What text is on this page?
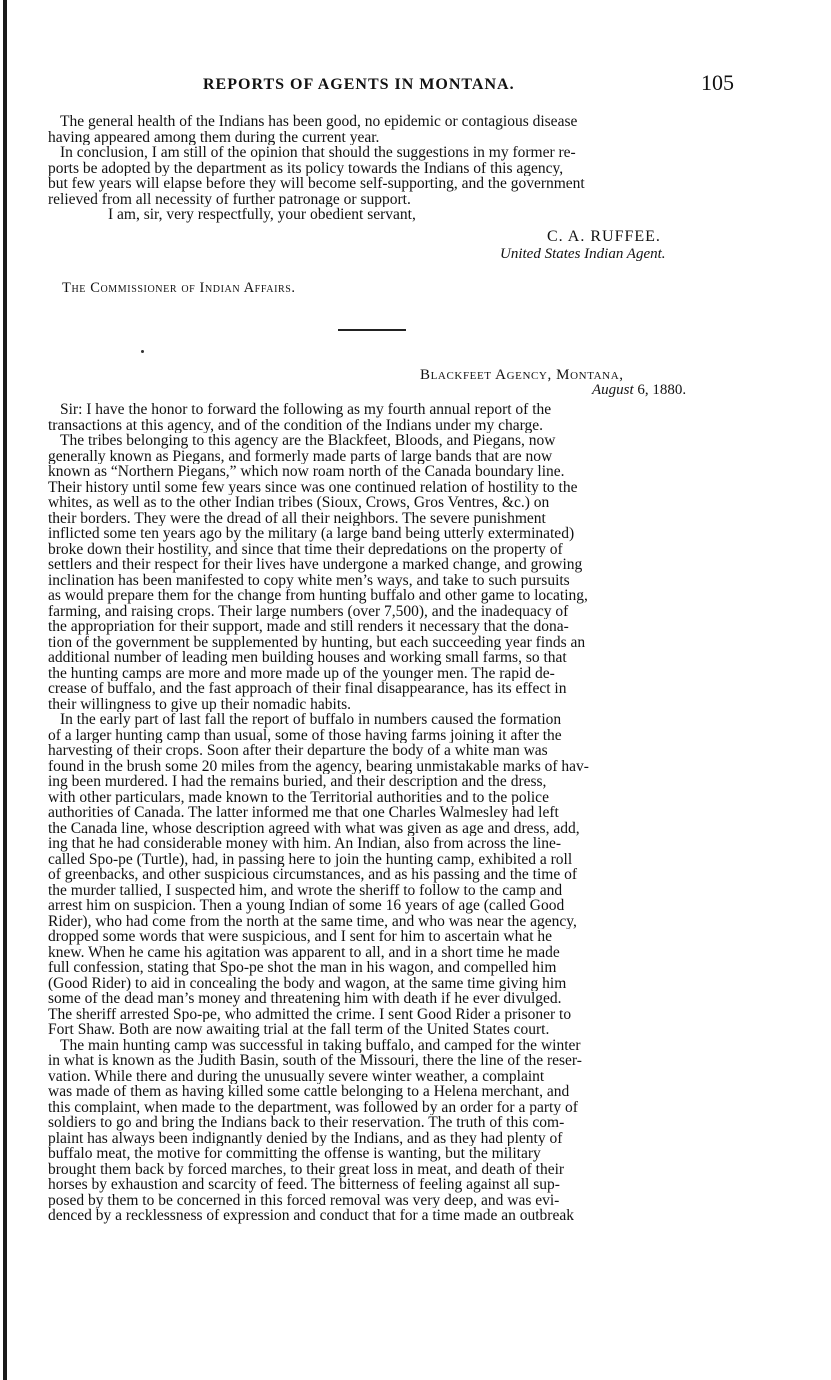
REPORTS OF AGENTS IN MONTANA.	105
The general health of the Indians has been good, no epidemic or contagious disease
having appeared among them during the current year.
In conclusion, I am still of the opinion that should the suggestions in my former re-
ports be adopted by the department as its policy towards the Indians of this agency,
but few years will elapse before they will become self-supporting, and the government
relieved from all necessity of further patronage or support.
I am, sir, very respectfully, your obedient servant,
C. A. RUFFEE.
United States Indian Agent.
The Commissioner of Indian Affairs.
Blackfeet Agency, Montana,
August 6, 1880.
Sir: I have the honor to forward the following as my fourth annual report of the
transactions at this agency, and of the condition of the Indians under my charge.
The tribes belonging to this agency are the Blackfeet, Bloods, and Piegans, now
generally known as Piegans, and formerly made parts of large bands that are now
known as “Northern Piegans,” which now roam north of the Canada boundary line.
Their history until some few years since was one continued relation of hostility to the
whites, as well as to the other Indian tribes (Sioux, Crows, Gros Ventres, &c.) on
their borders. They were the dread of all their neighbors. The severe punishment
inflicted some ten years ago by the military (a large band being utterly exterminated)
broke down their hostility, and since that time their depredations on the property of
settlers and their respect for their lives have undergone a marked change, and growing
inclination has been manifested to copy white men’s ways, and take to such pursuits
as would prepare them for the change from hunting buffalo and other game to locating,
farming, and raising crops. Their large numbers (over 7,500), and the inadequacy of
the appropriation for their support, made and still renders it necessary that the dona-
tion of the government be supplemented by hunting, but each succeeding year finds an
additional number of leading men building houses and working small farms, so that
the hunting camps are more and more made up of the younger men. The rapid de-
crease of buffalo, and the fast approach of their final disappearance, has its effect in
their willingness to give up their nomadic habits.
In the early part of last fall the report of buffalo in numbers caused the formation
of a larger hunting camp than usual, some of those having farms joining it after the
harvesting of their crops. Soon after their departure the body of a white man was
found in the brush some 20 miles from the agency, bearing unmistakable marks of hav-
ing been murdered. I had the remains buried, and their description and the dress,
with other particulars, made known to the Territorial authorities and to the police
authorities of Canada. The latter informed me that one Charles Walmesley had left
the Canada line, whose description agreed with what was given as age and dress, add,
ing that he had considerable money with him. An Indian, also from across the line-
called Spo-pe (Turtle), had, in passing here to join the hunting camp, exhibited a roll
of greenbacks, and other suspicious circumstances, and as his passing and the time of
the murder tallied, I suspected him, and wrote the sheriff to follow to the camp and
arrest him on suspicion. Then a young Indian of some 16 years of age (called Good
Rider), who had come from the north at the same time, and who was near the agency,
dropped some words that were suspicious, and I sent for him to ascertain what he
knew. When he came his agitation was apparent to all, and in a short time he made
full confession, stating that Spo-pe shot the man in his wagon, and compelled him
(Good Rider) to aid in concealing the body and wagon, at the same time giving him
some of the dead man’s money and threatening him with death if he ever divulged.
The sheriff arrested Spo-pe, who admitted the crime. I sent Good Rider a prisoner to
Fort Shaw. Both are now awaiting trial at the fall term of the United States court.
The main hunting camp was successful in taking buffalo, and camped for the winter
in what is known as the Judith Basin, south of the Missouri, there the line of the reser-
vation. While there and during the unusually severe winter weather, a complaint
was made of them as having killed some cattle belonging to a Helena merchant, and
this complaint, when made to the department, was followed by an order for a party of
soldiers to go and bring the Indians back to their reservation. The truth of this com-
plaint has always been indignantly denied by the Indians, and as they had plenty of
buffalo meat, the motive for committing the offense is wanting, but the military
brought them back by forced marches, to their great loss in meat, and death of their
horses by exhaustion and scarcity of feed. The bitterness of feeling against all sup-
posed by them to be concerned in this forced removal was very deep, and was evi-
denced by a recklessness of expression and conduct that for a time made an outbreak
